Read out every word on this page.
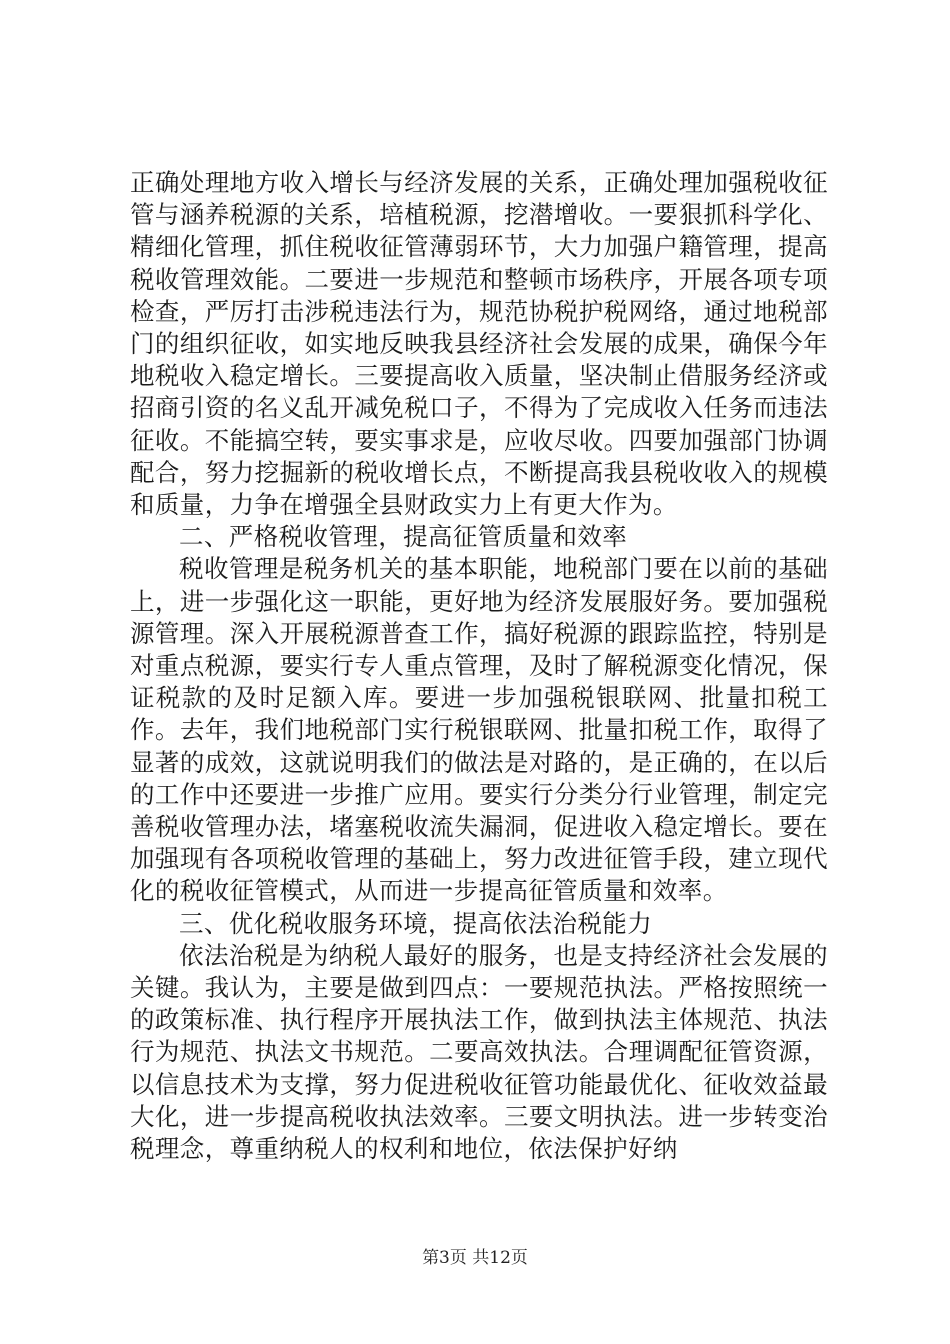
正确处理地方收入增长与经济发展的关系，正确处理加强税收征管与涵养税源的关系，培植税源，挖潜增收。一要狠抓科学化、精细化管理，抓住税收征管薄弱环节，大力加强户籍管理，提高税收管理效能。二要进一步规范和整顿市场秩序，开展各项专项检查，严厉打击涉税违法行为，规范协税护税网络，通过地税部门的组织征收，如实地反映我县经济社会发展的成果，确保今年地税收入稳定增长。三要提高收入质量，坚决制止借服务经济或招商引资的名义乱开减免税口子，不得为了完成收入任务而违法征收。不能搞空转，要实事求是，应收尽收。四要加强部门协调配合，努力挖掘新的税收增长点，不断提高我县税收收入的规模和质量，力争在增强全县财政实力上有更大作为。

二、严格税收管理，提高征管质量和效率

税收管理是税务机关的基本职能，地税部门要在以前的基础上，进一步强化这一职能，更好地为经济发展服好务。要加强税源管理。深入开展税源普查工作，搞好税源的跟踪监控，特别是对重点税源，要实行专人重点管理，及时了解税源变化情况，保证税款的及时足额入库。要进一步加强税银联网、批量扣税工作。去年，我们地税部门实行税银联网、批量扣税工作，取得了显著的成效，这就说明我们的做法是对路的，是正确的，在以后的工作中还要进一步推广应用。要实行分类分行业管理，制定完善税收管理办法，堵塞税收流失漏洞，促进收入稳定增长。要在加强现有各项税收管理的基础上，努力改进征管手段，建立现代化的税收征管模式，从而进一步提高征管质量和效率。

三、优化税收服务环境，提高依法治税能力

依法治税是为纳税人最好的服务，也是支持经济社会发展的关键。我认为，主要是做到四点：一要规范执法。严格按照统一的政策标准、执行程序开展执法工作，做到执法主体规范、执法行为规范、执法文书规范。二要高效执法。合理调配征管资源，以信息技术为支撑，努力促进税收征管功能最优化、征收效益最大化，进一步提高税收执法效率。三要文明执法。进一步转变治税理念，尊重纳税人的权利和地位，依法保护好纳

第3页 共12页
